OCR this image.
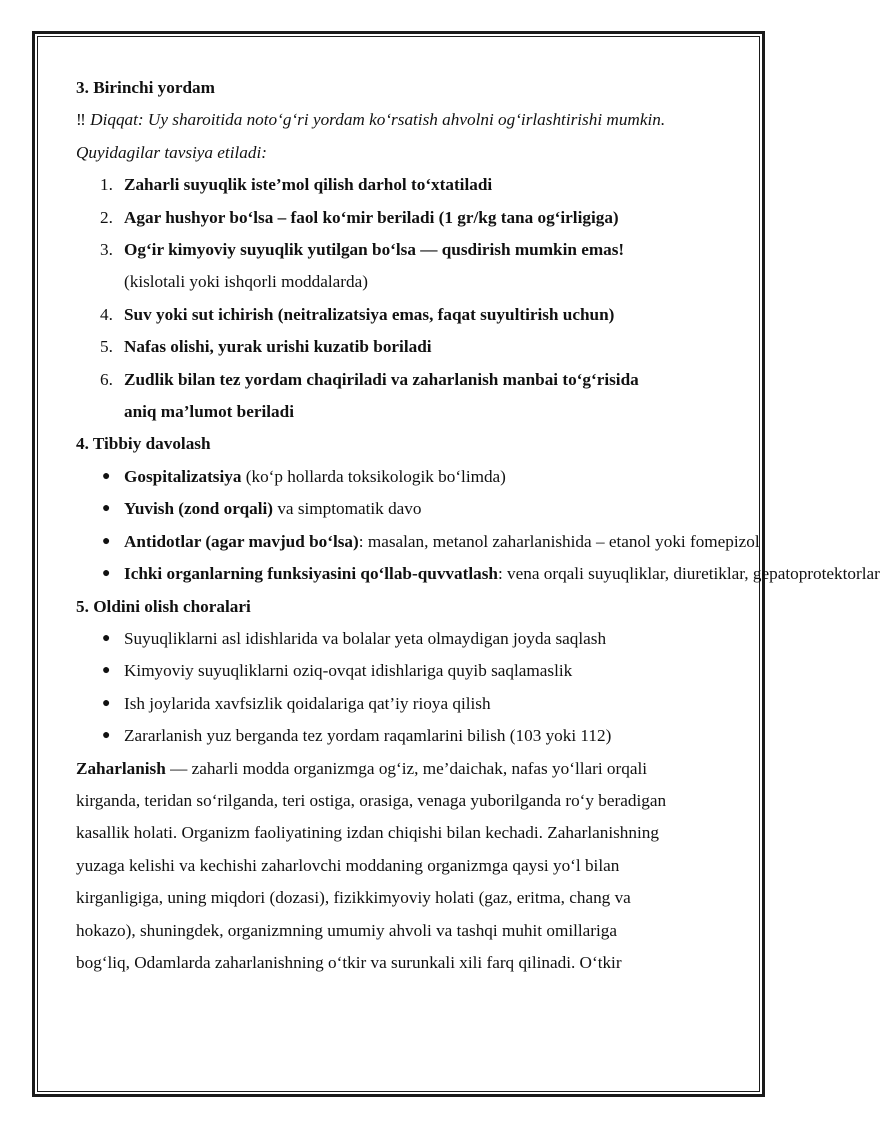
3. Birinchi yordam

‼ Diqqat: Uy sharoitida noto‘g‘ri yordam ko‘rsatish ahvolni og‘irlashtirishi mumkin.

Quyidagilar tavsiya etiladi:

1. Zaharli suyuqlik iste’mol qilish darhol to‘xtatiladi
2. Agar hushyor bo‘lsa – faol ko‘mir beriladi (1 gr/kg tana og‘irligiga)
3. Og‘ir kimyoviy suyuqlik yutilgan bo‘lsa — qusdirish mumkin emas!
(kislotali yoki ishqorli moddalarda)
4. Suv yoki sut ichirish (neitralizatsiya emas, faqat suyultirish uchun)
5. Nafas olishi, yurak urishi kuzatib boriladi
6. Zudlik bilan tez yordam chaqiriladi va zaharlanish manbai to‘g‘risida
aniq ma’lumot beriladi

4. Tibbiy davolash

● Gospitalizatsiya (ko‘p hollarda toksikologik bo‘limda)
● Yuvish (zond orqali) va simptomatik davo
● Antidotlar (agar mavjud bo‘lsa): masalan, metanol zaharlanishida – etanol yoki fomepizol
● Ichki organlarning funksiyasini qo‘llab-quvvatlash: vena orqali suyuqliklar, diuretiklar, gepatoprotektorlar

5. Oldini olish choralari

● Suyuqliklarni asl idishlarida va bolalar yeta olmaydigan joyda saqlash
● Kimyoviy suyuqliklarni oziq-ovqat idishlariga quyib saqlamaslik
● Ish joylarida xavfsizlik qoidalariga qat’iy rioya qilish
● Zararlanish yuz berganda tez yordam raqamlarini bilish (103 yoki 112)
Zaharlanish — zaharli modda organizmga og‘iz, me’daichak, nafas yo‘llari orqali
kirganda, teridan so‘rilganda, teri ostiga, orasiga, venaga yuborilganda ro‘y beradigan
kasallik holati. Organizm faoliyatining izdan chiqishi bilan kechadi. Zaharlanishning
yuzaga kelishi va kechishi zaharlovchi moddaning organizmga qaysi yo‘l bilan
kirganligiga, uning miqdori (dozasi), fizikkimyoviy holati (gaz, eritma, chang va
hokazo), shuningdek, organizmning umumiy ahvoli va tashqi muhit omillariga
bog‘liq, Odamlarda zaharlanishning o‘tkir va surunkali xili farq qilinadi. O‘tkir
